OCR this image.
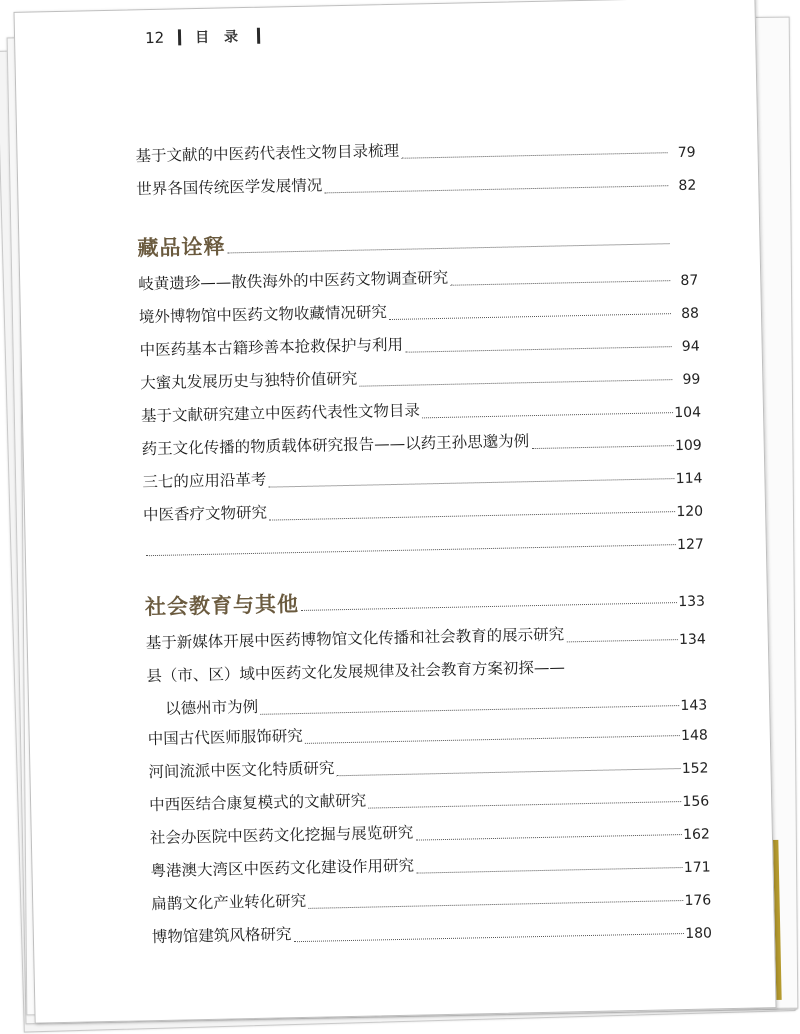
12 目 录
基于文献的中医药代表性文物目录梳理	79
世界各国传统医学发展情况	82
藏品诠释
岐黄遗珍——散佚海外的中医药文物调查研究	87
境外博物馆中医药文物收藏情况研究	88
中医药基本古籍珍善本抢救保护与利用	94
大蜜丸发展历史与独特价值研究	99
基于文献研究建立中医药代表性文物目录	104
药王文化传播的物质载体研究报告——以药王孙思邈为例	109
三七的应用沿革考	114
中医香疗文物研究	120
127
社会教育与其他	133
基于新媒体开展中医药博物馆文化传播和社会教育的展示研究	134
县（市、区）域中医药文化发展规律及社会教育方案初探——
以德州市为例	143
中国古代医师服饰研究	148
河间流派中医文化特质研究	152
中西医结合康复模式的文献研究	156
社会办医院中医药文化挖掘与展览研究	162
粤港澳大湾区中医药文化建设作用研究	171
扁鹊文化产业转化研究	176
博物馆建筑风格研究	180
